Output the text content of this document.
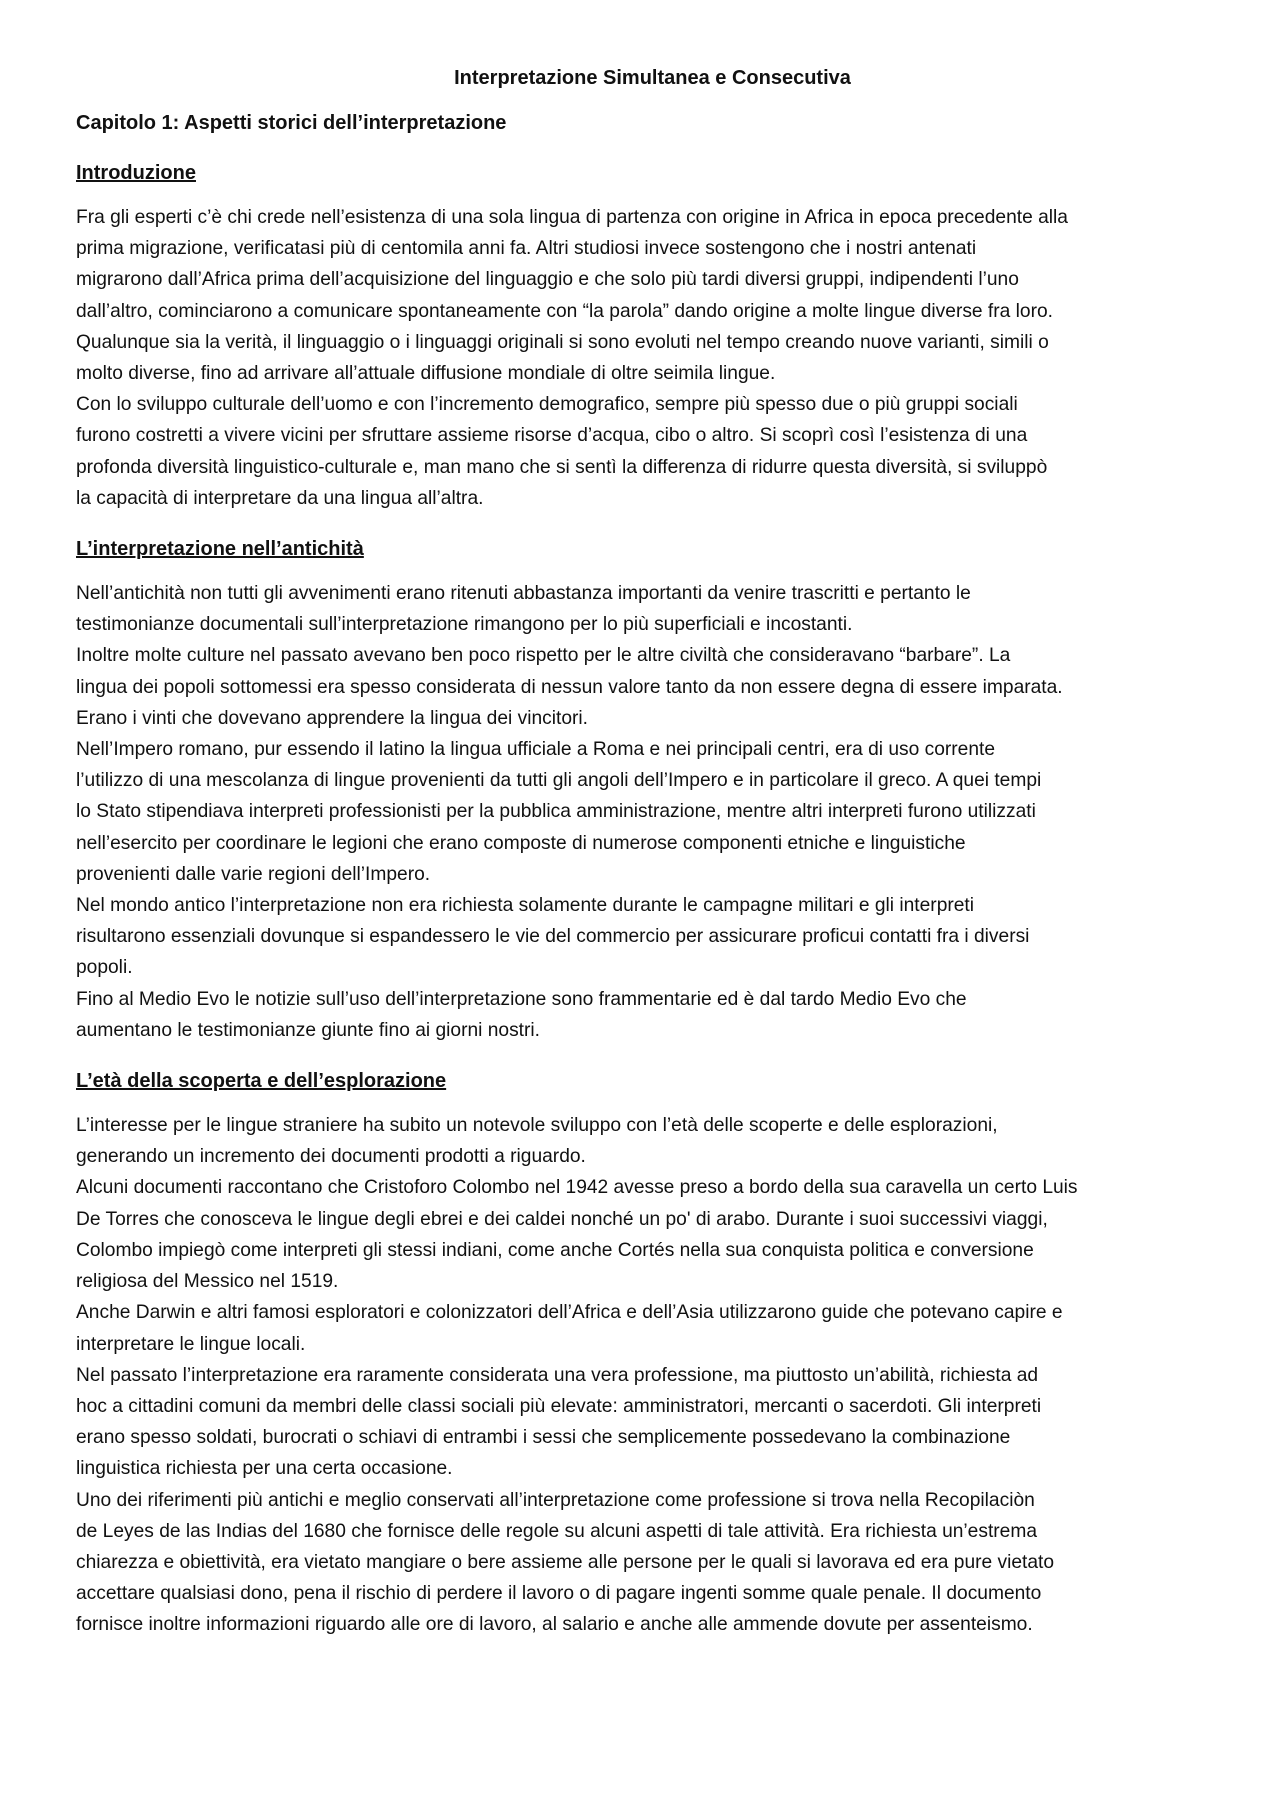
Interpretazione Simultanea e Consecutiva
Capitolo 1: Aspetti storici dell’interpretazione
Introduzione

Fra gli esperti c’è chi crede nell’esistenza di una sola lingua di partenza con origine in Africa in epoca precedente alla
prima migrazione, verificatasi più di centomila anni fa. Altri studiosi invece sostengono che i nostri antenati
migrarono dall’Africa prima dell’acquisizione del linguaggio e che solo più tardi diversi gruppi, indipendenti l’uno
dall’altro, cominciarono a comunicare spontaneamente con “la parola” dando origine a molte lingue diverse fra loro.
Qualunque sia la verità, il linguaggio o i linguaggi originali si sono evoluti nel tempo creando nuove varianti, simili o
molto diverse, fino ad arrivare all’attuale diffusione mondiale di oltre seimila lingue.

Con lo sviluppo culturale dell’uomo e con l’incremento demografico, sempre più spesso due o più gruppi sociali
furono costretti a vivere vicini per sfruttare assieme risorse d’acqua, cibo o altro. Si scoprì così l’esistenza di una
profonda diversità linguistico-culturale e, man mano che si sentì la differenza di ridurre questa diversità, si sviluppò
la capacità di interpretare da una lingua all’altra.

L’interpretazione nell’antichità

Nell’antichità non tutti gli avvenimenti erano ritenuti abbastanza importanti da venire trascritti e pertanto le
testimonianze documentali sull’interpretazione rimangono per lo più superficiali e incostanti.

Inoltre molte culture nel passato avevano ben poco rispetto per le altre civiltà che consideravano “barbare”. La
lingua dei popoli sottomessi era spesso considerata di nessun valore tanto da non essere degna di essere imparata.
Erano i vinti che dovevano apprendere la lingua dei vincitori.

Nell’Impero romano, pur essendo il latino la lingua ufficiale a Roma e nei principali centri, era di uso corrente
l’utilizzo di una mescolanza di lingue provenienti da tutti gli angoli dell’Impero e in particolare il greco. A quei tempi
lo Stato stipendiava interpreti professionisti per la pubblica amministrazione, mentre altri interpreti furono utilizzati
nell’esercito per coordinare le legioni che erano composte di numerose componenti etniche e linguistiche
provenienti dalle varie regioni dell’Impero.

Nel mondo antico l’interpretazione non era richiesta solamente durante le campagne militari e gli interpreti
risultarono essenziali dovunque si espandessero le vie del commercio per assicurare proficui contatti fra i diversi
popoli.

Fino al Medio Evo le notizie sull’uso dell’interpretazione sono frammentarie ed è dal tardo Medio Evo che
aumentano le testimonianze giunte fino ai giorni nostri.

L’età della scoperta e dell’esplorazione

L’interesse per le lingue straniere ha subito un notevole sviluppo con l’età delle scoperte e delle esplorazioni,
generando un incremento dei documenti prodotti a riguardo.

Alcuni documenti raccontano che Cristoforo Colombo nel 1942 avesse preso a bordo della sua caravella un certo Luis
De Torres che conosceva le lingue degli ebrei e dei caldei nonché un po' di arabo. Durante i suoi successivi viaggi,
Colombo impiegò come interpreti gli stessi indiani, come anche Cortés nella sua conquista politica e conversione
religiosa del Messico nel 1519.

Anche Darwin e altri famosi esploratori e colonizzatori dell’Africa e dell’Asia utilizzarono guide che potevano capire e
interpretare le lingue locali.

Nel passato l’interpretazione era raramente considerata una vera professione, ma piuttosto un’abilità, richiesta ad
hoc a cittadini comuni da membri delle classi sociali più elevate: amministratori, mercanti o sacerdoti. Gli interpreti
erano spesso soldati, burocrati o schiavi di entrambi i sessi che semplicemente possedevano la combinazione
linguistica richiesta per una certa occasione.

Uno dei riferimenti più antichi e meglio conservati all’interpretazione come professione si trova nella Recopilaciòn
de Leyes de las Indias del 1680 che fornisce delle regole su alcuni aspetti di tale attività. Era richiesta un’estrema
chiarezza e obiettività, era vietato mangiare o bere assieme alle persone per le quali si lavorava ed era pure vietato
accettare qualsiasi dono, pena il rischio di perdere il lavoro o di pagare ingenti somme quale penale. Il documento
fornisce inoltre informazioni riguardo alle ore di lavoro, al salario e anche alle ammende dovute per assenteismo.
